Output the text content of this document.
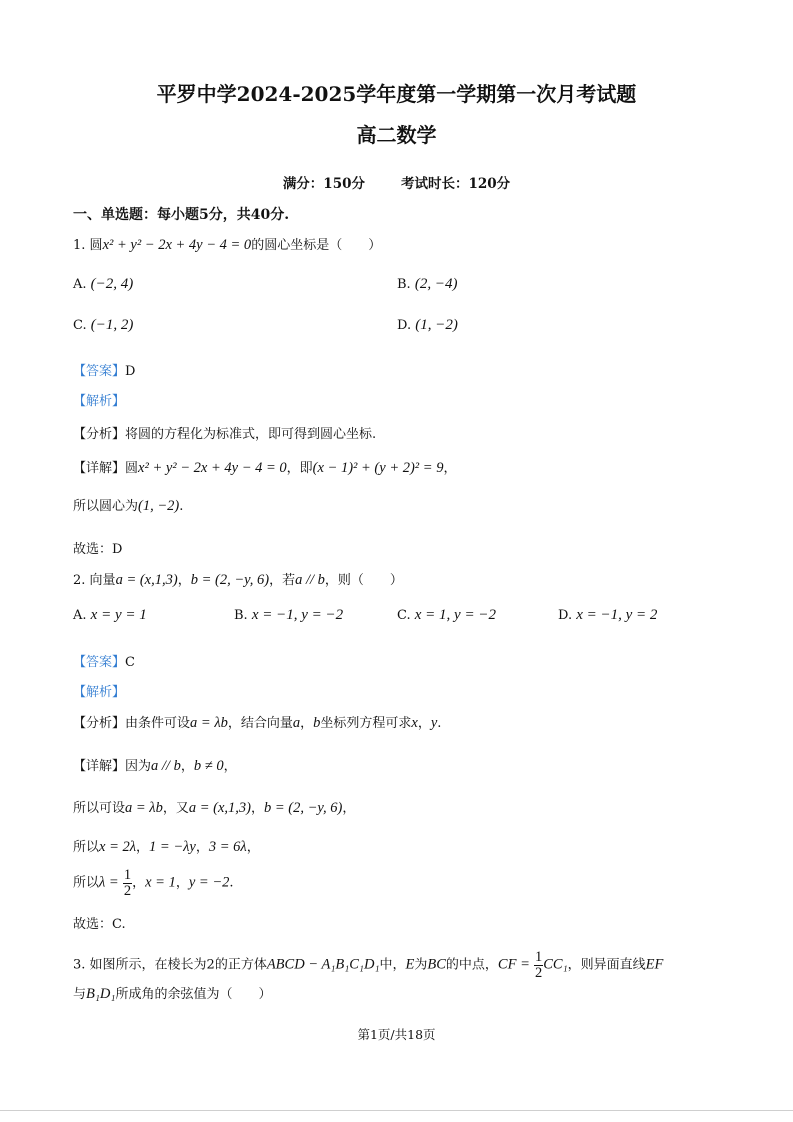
平罗中学2024-2025学年度第一学期第一次月考试题
高二数学
满分：150分	考试时长：120分
一、单选题：每小题5分，共40分.
1. 圆x² + y² − 2x + 4y − 4 = 0的圆心坐标是（　　）
A. (−2, 4)	B. (2, −4)
C. (−1, 2)	D. (1, −2)
【答案】D
【解析】
【分析】将圆的方程化为标准式，即可得到圆心坐标.
【详解】圆x² + y² − 2x + 4y − 4 = 0，即(x − 1)² + (y + 2)² = 9，
所以圆心为(1, −2).
故选：D
2. 向量a = (x,1,3)，b = (2, −y, 6)，若a // b，则（　　）
A. x = y = 1	B. x = −1, y = −2	C. x = 1, y = −2	D. x = −1, y = 2
【答案】C
【解析】
【分析】由条件可设a = λb，结合向量a，b坐标列方程可求x，y.
【详解】因为a // b，b ≠ 0，
所以可设a = λb，又a = (x,1,3)，b = (2, −y, 6)，
所以x = 2λ，1 = −λy，3 = 6λ，
所以$\lambda = \frac{1}{2}$ ，x = 1，y = −2.
故选：C.
3. 如图所示，在棱长为2的正方体ABCD − A₁B₁C₁D₁中，E为BC的中点，CF = $\frac{1}{2} CC_1$，则异面直线EF
与B₁D₁所成角的余弦值为（　　）
第1页/共18页
